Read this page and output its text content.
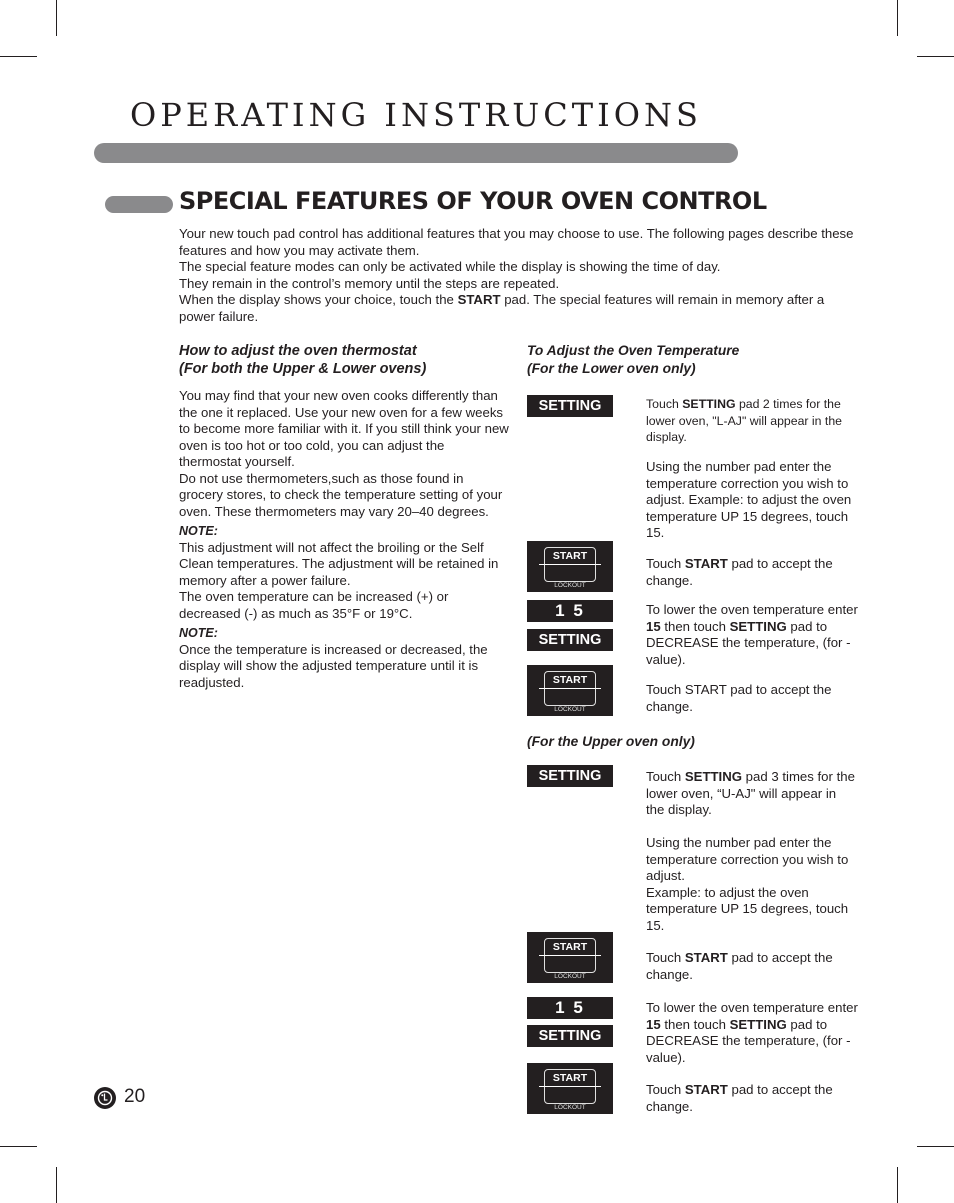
OPERATING INSTRUCTIONS
SPECIAL FEATURES OF YOUR OVEN CONTROL

Your new touch pad control has additional features that you may choose to use. The following pages describe these features and how you may activate them.

The special feature modes can only be activated while the display is showing the time of day.

They remain in the control’s memory until the steps are repeated.

When the display shows your choice, touch the START pad. The special features will remain in memory after a power failure.

How to adjust the oven thermostat
(For both the Upper & Lower ovens)

You may find that your new oven cooks differently than the one it replaced. Use your new oven for a few weeks to become more familiar with it. If you still think your new oven is too hot or too cold, you can adjust the thermostat yourself.

Do not use thermometers,such as those found in grocery stores, to check the temperature setting of your oven. These thermometers may vary 20–40 degrees.

NOTE:

This adjustment will not affect the broiling or the Self Clean temperatures. The adjustment will be retained in memory after a power failure.

The oven temperature can be increased (+) or decreased (-) as much as 35°F or 19°C.

NOTE:

Once the temperature is increased or decreased, the display will show the adjusted temperature until it is readjusted.

To Adjust the Oven Temperature
(For the Lower oven only)
SETTING	Touch SETTING pad 2 times for the lower oven, "L-AJ" will appear in the display.

Using the number pad enter the temperature correction you wish to adjust. Example: to adjust the oven temperature UP 15 degrees, touch 15.
START
LOCKOUT

Touch START pad to accept the change.

1 5
SETTING

To lower the oven temperature enter 15 then touch SETTING pad to DECREASE the temperature, (for - value).

START
LOCKOUT
Touch START pad to accept the change.
(For the Upper oven only)
SETTING	Touch SETTING pad 3 times for the lower oven, “U-AJ" will appear in the display.

Using the number pad enter the temperature correction you wish to adjust.

Example: to adjust the oven temperature UP 15 degrees, touch 15.

START
LOCKOUT

Touch START pad to accept the change.

1 5
SETTING

To lower the oven temperature enter 15 then touch SETTING pad to DECREASE the temperature, (for - value).

START
LOCKOUT

Touch START pad to accept the change.

20
